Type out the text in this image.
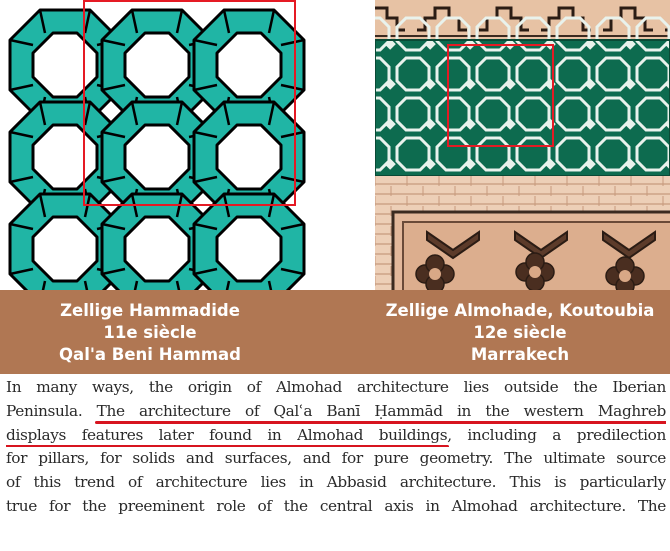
Zellige Hammadide
11e siècle
Qal'a Beni Hammad
Zellige Almohade, Koutoubia
12e siècle
Marrakech
In many ways, the origin of Almohad architecture lies outside the Iberian
Peninsula. The architecture of Qalʿa Banī Ḥammād in the western Maghreb
displays features later found in Almohad buildings, including a predilection
for pillars, for solids and surfaces, and for pure geometry. The ultimate source
of this trend of architecture lies in Abbasid architecture. This is particularly
true for the preeminent role of the central axis in Almohad architecture. The
